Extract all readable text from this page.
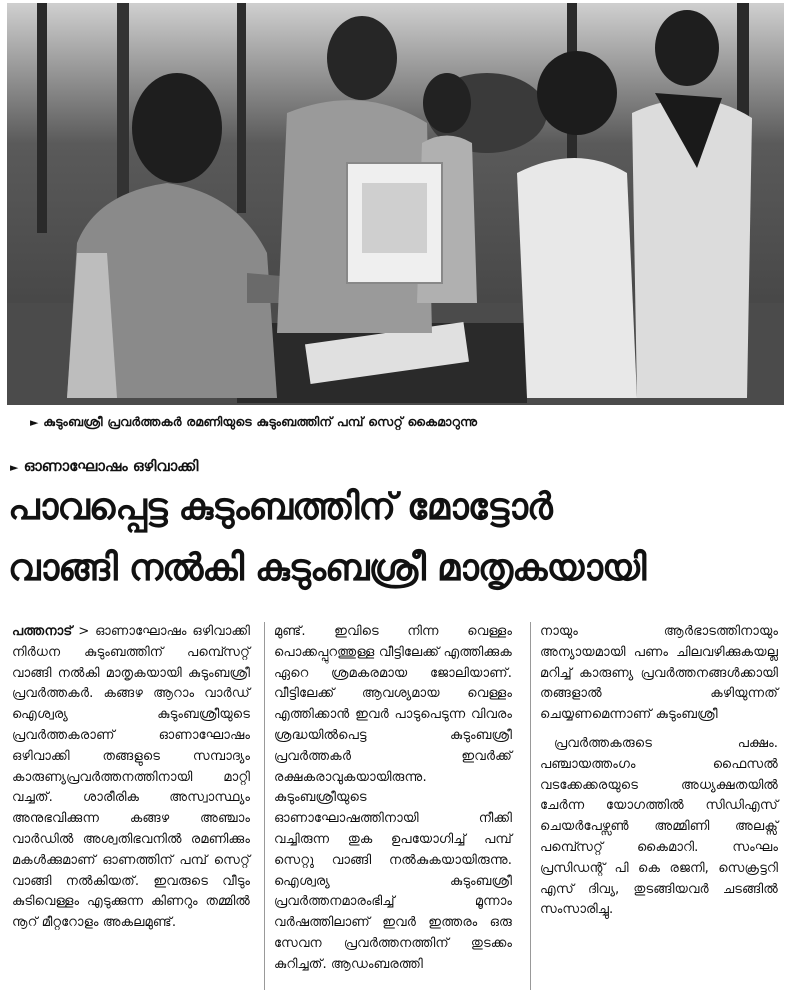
► കുടുംബശ്രീ പ്രവർത്തകർ രമണിയുടെ കുടുംബത്തിന് പമ്പ് സെറ്റ് കൈമാറുന്നു
► ഓണാഘോഷം ഒഴിവാക്കി
പാവപ്പെട്ട കുടുംബത്തിന് മോട്ടോർ
വാങ്ങി നൽകി കുടുംബശ്രീ മാതൃകയായി

പത്തനാട് > ഓണാഘോഷം ഒഴിവാക്കി നിർധന കുടുംബത്തിന് പമ്പ്സെറ്റ് വാങ്ങി നൽകി മാതൃകയായി കുടുംബശ്രീ പ്രവർത്തകർ. കങ്ങഴ ആറാം വാർഡ് ഐശ്വര്യ കുടുംബശ്രീയുടെ പ്രവർത്തകരാണ് ഓണാഘോഷം ഒഴിവാക്കി തങ്ങളുടെ സമ്പാദ്യം കാരുണ്യപ്രവർത്തനത്തിനായി മാറ്റി വച്ചത്. ശാരീരിക അസ്വാസ്ഥ്യം അനുഭവിക്കുന്ന കങ്ങഴ അഞ്ചാം വാർഡിൽ അശ്വതിഭവനിൽ രമണിക്കും മകൾക്കുമാണ് ഓണത്തിന് പമ്പ് സെറ്റ് വാങ്ങി നൽകിയത്. ഇവരുടെ വീടും കുടിവെള്ളം എടുക്കുന്ന കിണറും തമ്മിൽ നൂറ് മീറ്ററോളം അകലമുണ്ട്.

മുണ്ട്. ഇവിടെ നിന്ന വെള്ളം പൊക്കപ്പുറത്തുള്ള വീട്ടിലേക്ക് എത്തിക്കുക ഏറെ ശ്രമകരമായ ജോലിയാണ്. വീട്ടിലേക്ക് ആവശ്യമായ വെള്ളം എത്തിക്കാൻ ഇവർ പാടുപെടുന്ന വിവരം ശ്രദ്ധയിൽപെട്ട കുടുംബശ്രീ പ്രവർത്തകർ ഇവർക്ക് രക്ഷകരാവുകയായിരുന്നു. കുടുംബശ്രീയുടെ ഓണാഘോഷത്തിനായി നീക്കി വച്ചിരുന്ന തുക ഉപയോഗിച്ച് പമ്പ് സെറ്റു വാങ്ങി നൽകുകയായിരുന്നു. ഐശ്വര്യ കുടുംബശ്രീ പ്രവർത്തനമാരംഭിച്ച് മൂന്നാം വർഷത്തിലാണ് ഇവർ ഇത്തരം ഒരു സേവന പ്രവർത്തനത്തിന് തുടക്കം കുറിച്ചത്. ആഡംബരത്തി

നായും ആർഭാടത്തിനായും അന്യായമായി പണം ചിലവഴിക്കുകയല്ല മറിച്ച് കാരുണ്യ പ്രവർത്തനങ്ങൾക്കായി തങ്ങളാൽ കഴിയുന്നത് ചെയ്യണമെന്നാണ് കുടുംബശ്രീ

പ്രവർത്തകരുടെ പക്ഷം. പഞ്ചായത്തംഗം ഫൈസൽ വടക്കേക്കരയുടെ അധ്യക്ഷതയിൽ ചേർന്ന യോഗത്തിൽ സിഡിഎസ് ചെയർപേഴ്സൺ അമ്മിണി അലക്സ് പമ്പ്സെറ്റ് കൈമാറി. സംഘം പ്രസിഡന്റ് പി കെ രജനി, സെക്രട്ടറി എസ് ദിവ്യ, തുടങ്ങിയവർ ചടങ്ങിൽ സംസാരിച്ചു.
